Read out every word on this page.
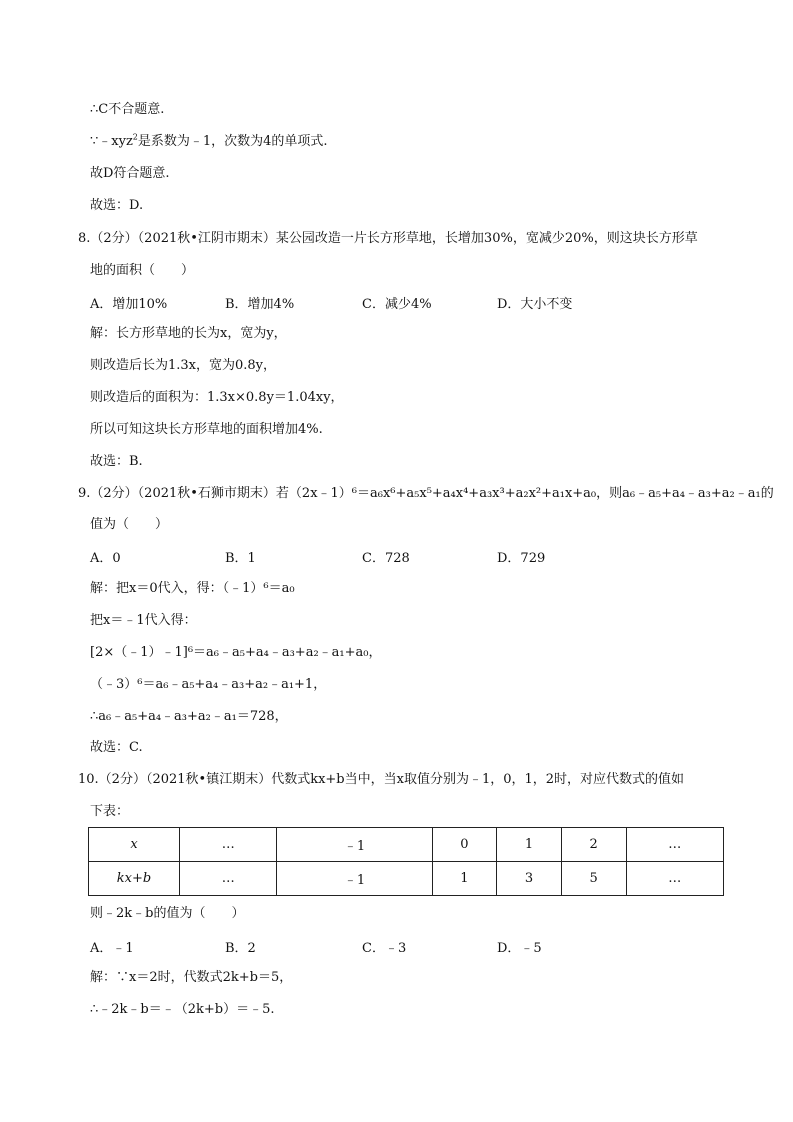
∴C不合题意.
∵﹣xyz$^2$是系数为﹣1，次数为4的单项式.
故D符合题意.
故选：D.
8.（2分）（2021秋•江阴市期末）某公园改造一片长方形草地，长增加30%，宽减少20%，则这块长方形草
地的面积（　　）
A．增加10%	B．增加4%	C．减少4%	D．大小不变
解：长方形草地的长为x，宽为y，
则改造后长为1.3x，宽为0.8y，
则改造后的面积为：1.3x×0.8y＝1.04xy，
所以可知这块长方形草地的面积增加4%.
故选：B.
9.（2分）（2021秋•石狮市期末）若（2x﹣1）⁶＝a₆x⁶+a₅x⁵+a₄x⁴+a₃x³+a₂x²+a₁x+a₀，则a₆﹣a₅+a₄﹣a₃+a₂﹣a₁的
值为（　　）
A．0	B．1	C．728	D．729
解：把x＝0代入，得：（﹣1）⁶＝a₀
把x＝﹣1代入得：
[2×（﹣1）﹣1]⁶＝a₆﹣a₅+a₄﹣a₃+a₂﹣a₁+a₀，
（﹣3）⁶＝a₆﹣a₅+a₄﹣a₃+a₂﹣a₁+1，
∴a₆﹣a₅+a₄﹣a₃+a₂﹣a₁＝728，
故选：C.
10.（2分）（2021秋•镇江期末）代数式kx+b当中，当x取值分别为﹣1，0，1，2时，对应代数式的值如
下表：
x	…	﹣1	0	1	2	…
kx+b	…	﹣1	1	3	5	…
则﹣2k﹣b的值为（　　）
A．﹣1	B．2	C．﹣3	D．﹣5
解：∵x＝2时，代数式2k+b＝5，
∴﹣2k﹣b＝﹣（2k+b）＝﹣5.
